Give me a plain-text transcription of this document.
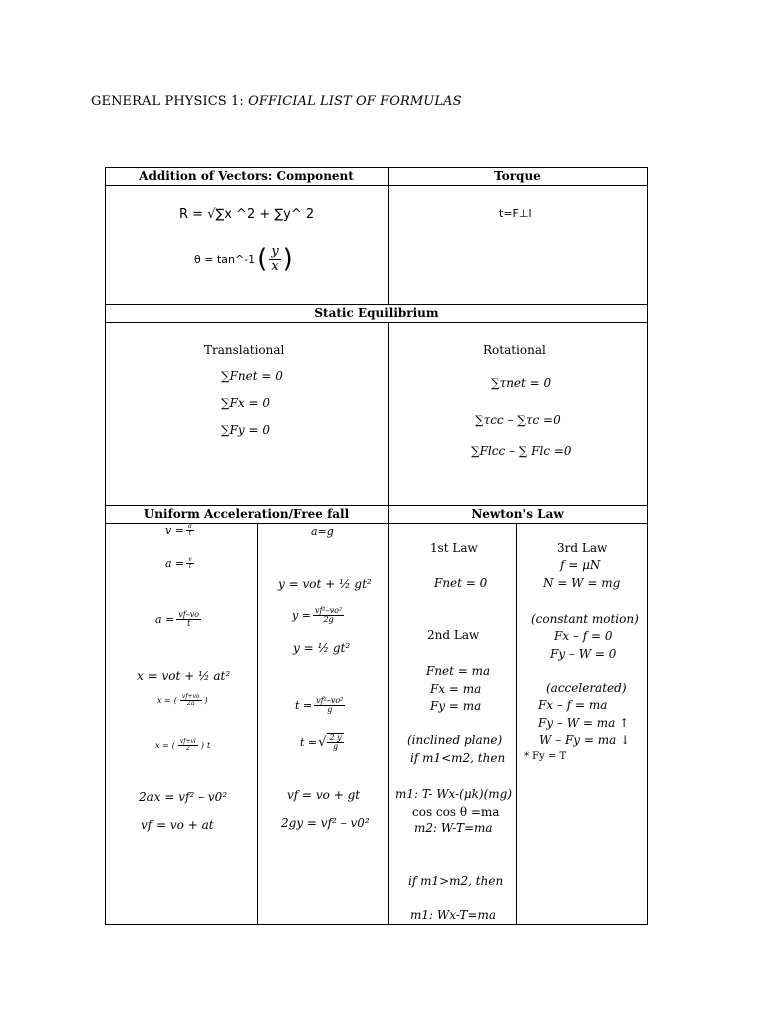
GENERAL PHYSICS 1: OFFICIAL LIST OF FORMULAS
Addition of Vectors: Component	Torque
Static Equilibrium
Uniform Acceleration/Free fall	Newton's Law
R = √∑x ^2 + ∑y^ 2
θ = tan^-1 ( $\frac{y}{x}$ )
t=F⊥l
Translational
∑Fnet = 0
∑Fx = 0
∑Fy = 0
Rotational
∑τnet = 0
∑τcc – ∑τc =0
∑Flcc – ∑ Flc =0
$v = \frac{d}{t}$
$a = \frac{v}{t}$
$a = \frac{vf-vo}{t}$
x = vot + ½ at²
x = ( $\frac{vf+vo}{2a}$ )
x = ( $\frac{vf+vi}{2}$ ) t
2ax = vf² – v0²
vf = vo + at
a=g
y = vot + ½ gt²
$y = \frac{\text{vf²–vo²}}{2g}$
y = ½ gt²
$t = \frac{\text{vf²–vo²}}{g}$
t = √ $\frac{2 y}{g}$
vf = vo + gt
2gy = vf² – v0²
1st Law
Fnet = 0
2nd Law
Fnet = ma
Fx = ma
Fy = ma
(inclined plane)
if m1<m2, then
m1: T- Wx-(μk)(mg)
cos cos θ =ma
m2: W-T=ma
if m1>m2, then
m1: Wx-T=ma
3rd Law
f = μN
N = W = mg
(constant motion)
Fx – f = 0
Fy – W = 0
(accelerated)
Fx – f = ma
Fy – W = ma ↑
W – Fy = ma ↓
* Fy = T
